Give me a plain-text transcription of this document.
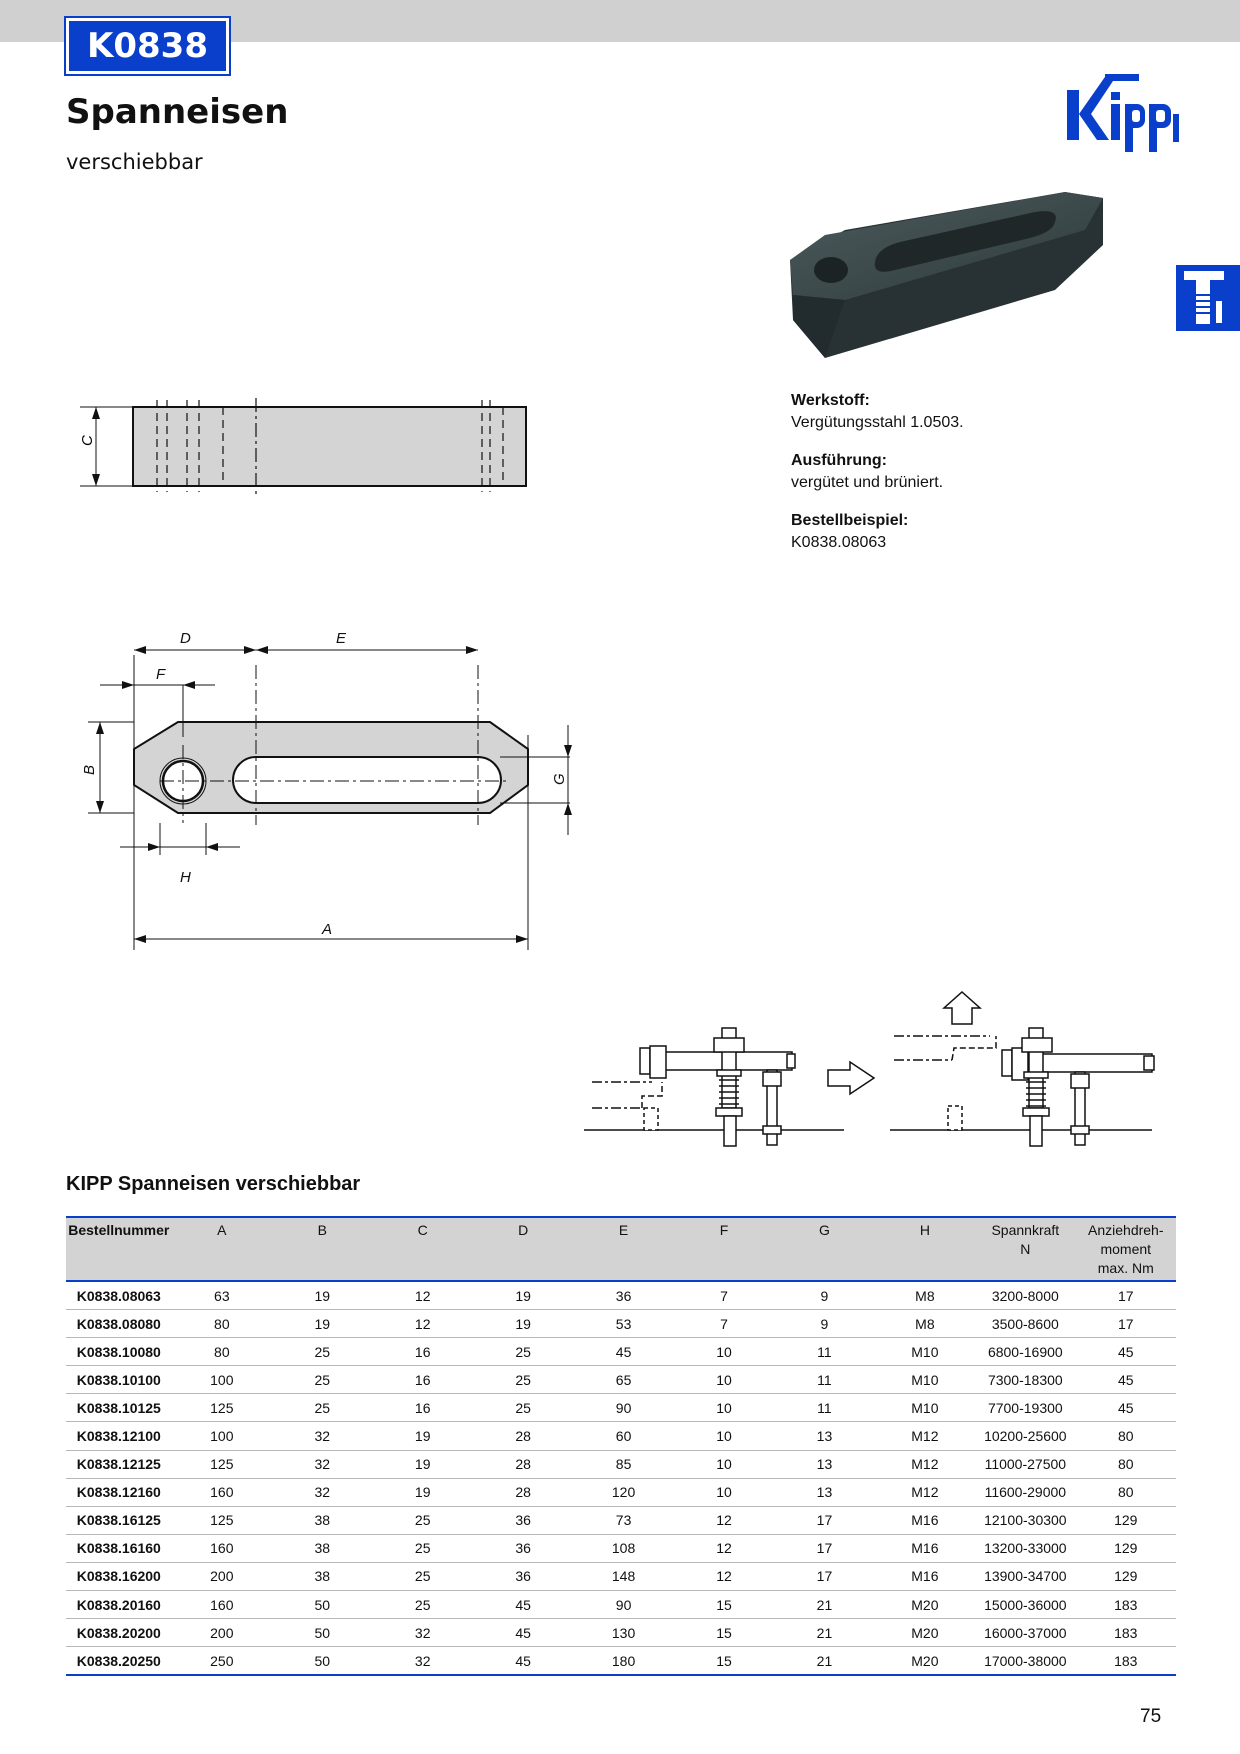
K0838
Spanneisen
verschiebbar
Werkstoff:
Vergütungsstahl 1.0503.
Ausführung:
vergütet und brüniert.
Bestellbeispiel:
K0838.08063
C
D	E
F
H
A
B
G
KIPP Spanneisen verschiebbar
Bestellnummer	A	B	C	D	E	F	G	H	Spannkraft
N	Anziehdreh-
moment
max. Nm
K0838.08063	63	19	12	19	36	7	9	M8	3200-8000	17
K0838.08080	80	19	12	19	53	7	9	M8	3500-8600	17
K0838.10080	80	25	16	25	45	10	11	M10	6800-16900	45
K0838.10100	100	25	16	25	65	10	11	M10	7300-18300	45
K0838.10125	125	25	16	25	90	10	11	M10	7700-19300	45
K0838.12100	100	32	19	28	60	10	13	M12	10200-25600	80
K0838.12125	125	32	19	28	85	10	13	M12	11000-27500	80
K0838.12160	160	32	19	28	120	10	13	M12	11600-29000	80
K0838.16125	125	38	25	36	73	12	17	M16	12100-30300	129
K0838.16160	160	38	25	36	108	12	17	M16	13200-33000	129
K0838.16200	200	38	25	36	148	12	17	M16	13900-34700	129
K0838.20160	160	50	25	45	90	15	21	M20	15000-36000	183
K0838.20200	200	50	32	45	130	15	21	M20	16000-37000	183
K0838.20250	250	50	32	45	180	15	21	M20	17000-38000	183
75
